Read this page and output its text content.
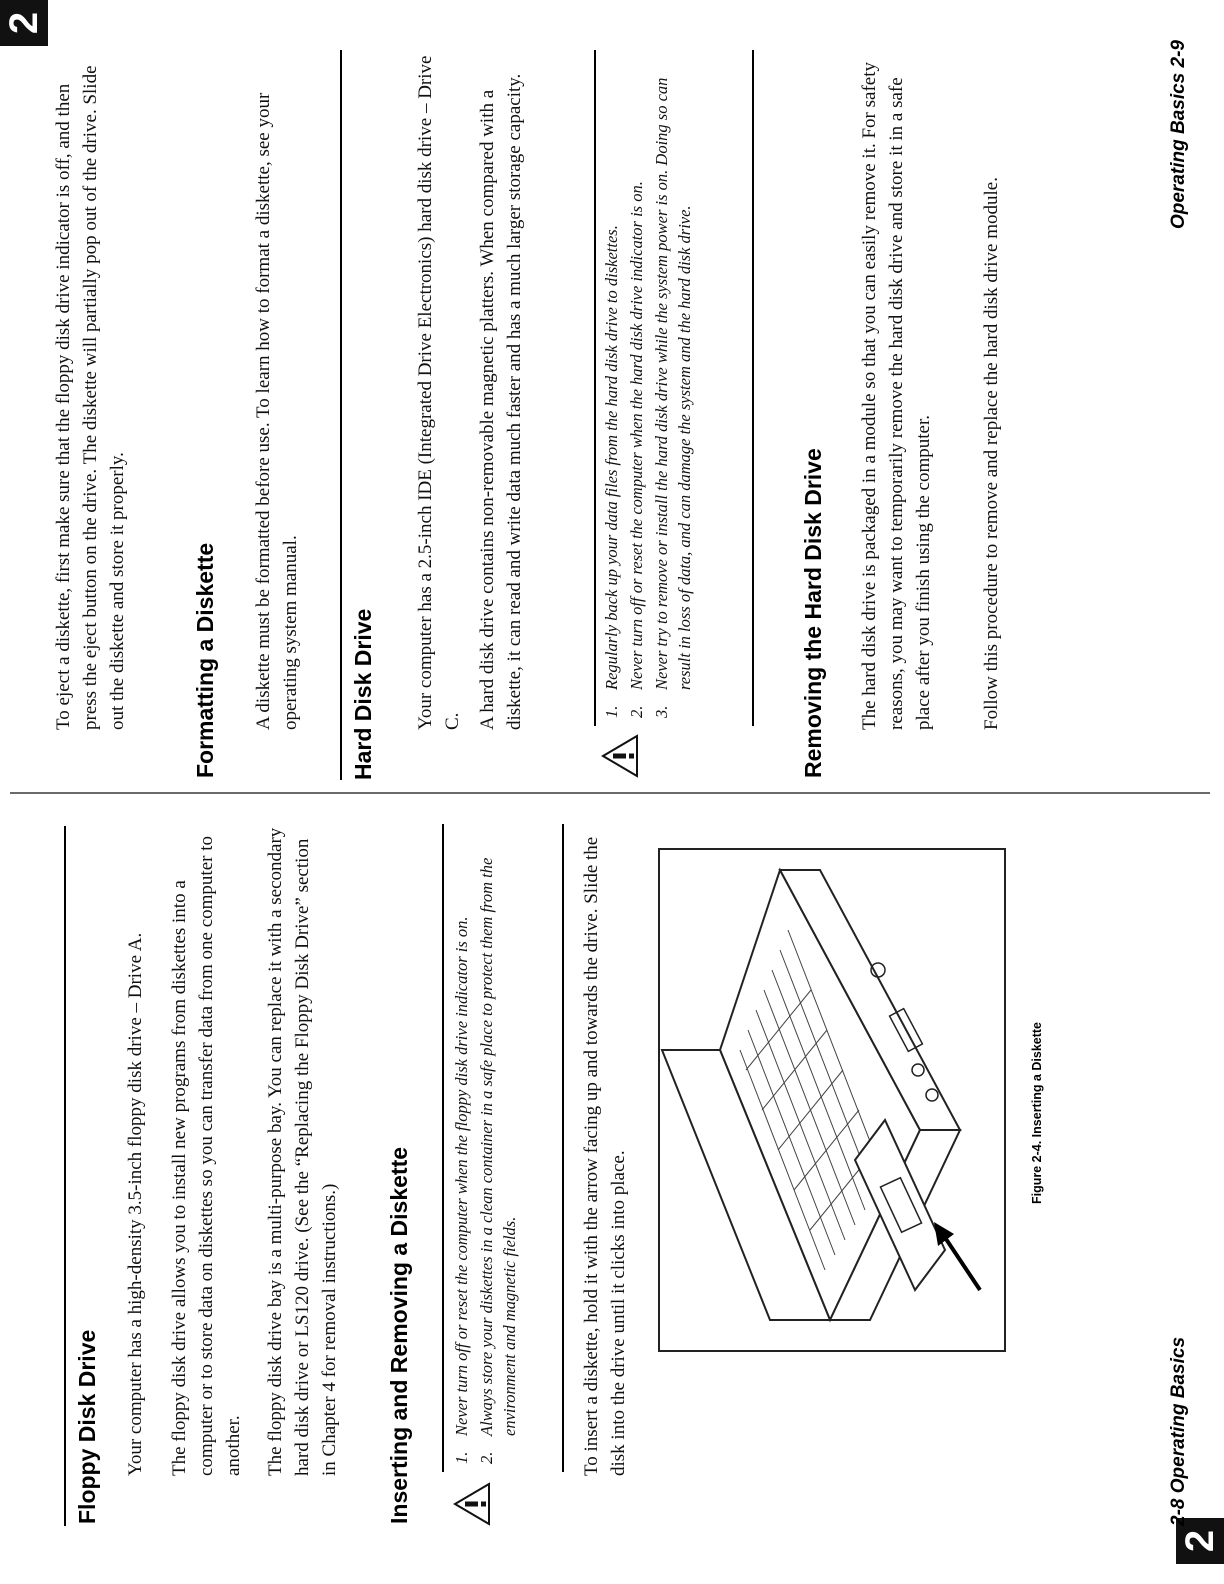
2
Floppy Disk Drive Your computer has a high-density 3.5-inch floppy disk drive – Drive A. The floppy disk drive allows you to install new programs from diskettes into a computer or to store data on diskettes so you can transfer data from one computer to another. The floppy disk drive bay is a multi-purpose bay. You can replace it with a secondary hard disk drive or LS120 drive. (See the “Replacing the Floppy Disk Drive” section in Chapter 4 for removal instructions.) Inserting and Removing a Diskette 1.
Never turn off or reset the computer when the floppy disk drive indicator is on.
2.
Always store your diskettes in a clean container in a safe place to protect them from the environment and magnetic fields.	To insert a diskette, hold it with the arrow facing up and towards the drive. Slide the disk into the drive until it clicks into place.

Figure 2-4. Inserting a Diskette
2-8 Operating Basics
2

To eject a diskette, first make sure that the floppy disk drive indicator is off, and then press the eject button on the drive. The diskette will partially pop out of the drive. Slide out the diskette and store it properly.	Formatting a Diskette A diskette must be formatted before use. To learn how to format a diskette, see your operating system manual. Hard Disk Drive Your computer has a 2.5-inch IDE (Integrated Drive Electronics) hard disk drive – Drive C. A hard disk drive contains non-removable magnetic platters. When compared with a diskette, it can read and write data much faster and has a much larger storage capacity.	1.
Regularly back up your data files from the hard disk drive to diskettes.
2.
Never turn off or reset the computer when the hard disk drive indicator is on.
3.
Never try to remove or install the hard disk drive while the system power is on. Doing so can result in loss of data, and can damage the system and the hard disk drive.	Removing the Hard Disk Drive The hard disk drive is packaged in a module so that you can easily remove it. For safety reasons, you may want to temporarily remove the hard disk drive and store it in a safe place after you finish using the computer. Follow this procedure to remove and replace the hard disk drive module.

Operating Basics 2-9
